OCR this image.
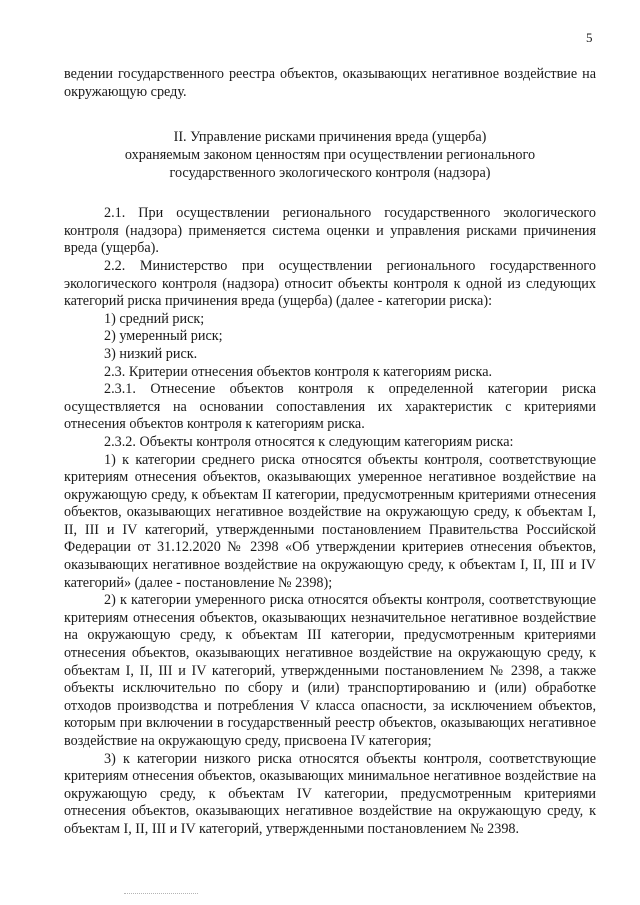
5

ведении государственного реестра объектов, оказывающих негативное воздействие на окружающую среду.

II. Управление рисками причинения вреда (ущерба)
охраняемым законом ценностям при осуществлении регионального
государственного экологического контроля (надзора)

2.1. При осуществлении регионального государственного экологического контроля (надзора) применяется система оценки и управления рисками причинения вреда (ущерба).

2.2. Министерство при осуществлении регионального государственного экологического контроля (надзора) относит объекты контроля к одной из следующих категорий риска причинения вреда (ущерба) (далее - категории риска):

1) средний риск;

2) умеренный риск;

3) низкий риск.

2.3. Критерии отнесения объектов контроля к категориям риска.

2.3.1. Отнесение объектов контроля к определенной категории риска осуществляется на основании сопоставления их характеристик с критериями отнесения объектов контроля к категориям риска.

2.3.2. Объекты контроля относятся к следующим категориям риска:

1) к категории среднего риска относятся объекты контроля, соответствующие критериям отнесения объектов, оказывающих умеренное негативное воздействие на окружающую среду, к объектам II категории, предусмотренным критериями отнесения объектов, оказывающих негативное воздействие на окружающую среду, к объектам I, II, III и IV категорий, утвержденными постановлением Правительства Российской Федерации от 31.12.2020 № 2398 «Об утверждении критериев отнесения объектов, оказывающих негативное воздействие на окружающую среду, к объектам I, II, III и IV категорий» (далее - постановление № 2398);

2) к категории умеренного риска относятся объекты контроля, соответствующие критериям отнесения объектов, оказывающих незначительное негативное воздействие на окружающую среду, к объектам III категории, предусмотренным критериями отнесения объектов, оказывающих негативное воздействие на окружающую среду, к объектам I, II, III и IV категорий, утвержденными постановлением № 2398, а также объекты исключительно по сбору и (или) транспортированию и (или) обработке отходов производства и потребления V класса опасности, за исключением объектов, которым при включении в государственный реестр объектов, оказывающих негативное воздействие на окружающую среду, присвоена IV категория;

3) к категории низкого риска относятся объекты контроля, соответствующие критериям отнесения объектов, оказывающих минимальное негативное воздействие на окружающую среду, к объектам IV категории, предусмотренным критериями отнесения объектов, оказывающих негативное воздействие на окружающую среду, к объектам I, II, III и IV категорий, утвержденными постановлением № 2398.
